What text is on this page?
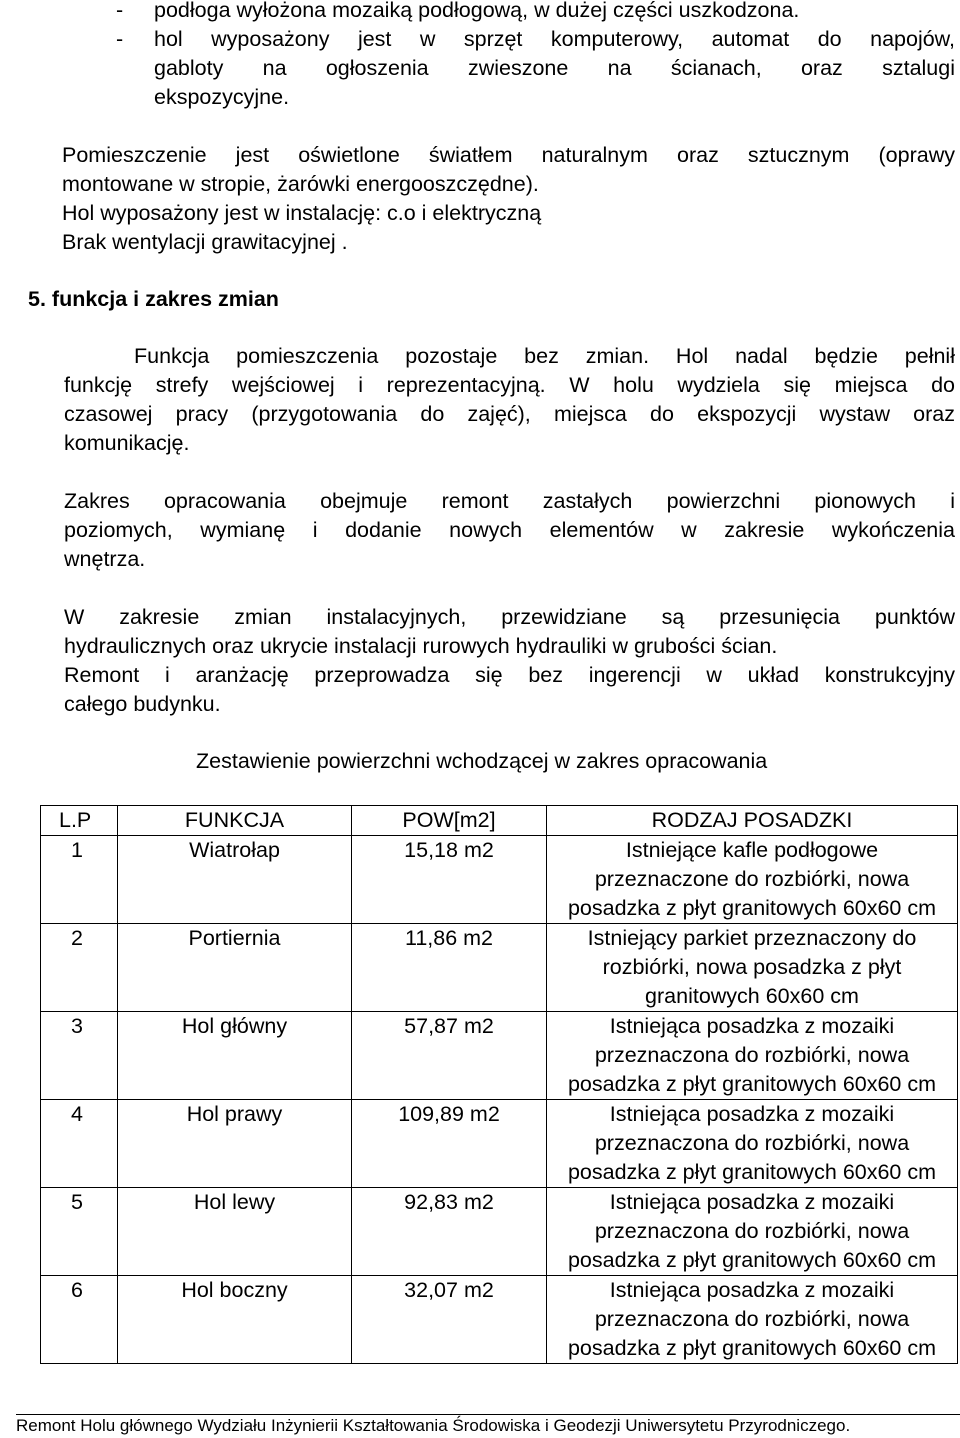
- podłoga wyłożona mozaiką podłogową, w dużej części uszkodzona.
- hol wyposażony jest w sprzęt komputerowy, automat do napojów,
gabloty na ogłoszenia zwieszone na ścianach, oraz sztalugi
ekspozycyjne.
Pomieszczenie jest oświetlone światłem naturalnym oraz sztucznym (oprawy
montowane w stropie, żarówki energooszczędne).
Hol wyposażony jest w instalację: c.o i elektryczną
Brak wentylacji grawitacyjnej .
5. funkcja i zakres zmian
Funkcja pomieszczenia pozostaje bez zmian. Hol nadal będzie pełnił
funkcję strefy wejściowej i reprezentacyjną. W holu wydziela się miejsca do
czasowej pracy (przygotowania do zajęć), miejsca do ekspozycji wystaw oraz
komunikację.
Zakres opracowania obejmuje remont zastałych powierzchni pionowych i
poziomych, wymianę i dodanie nowych elementów w zakresie wykończenia
wnętrza.
W zakresie zmian instalacyjnych, przewidziane są przesunięcia punktów
hydraulicznych oraz ukrycie instalacji rurowych hydrauliki w grubości ścian.
Remont i aranżację przeprowadza się bez ingerencji w układ konstrukcyjny
całego budynku.
Zestawienie powierzchni wchodzącej w zakres opracowania
L.P	FUNKCJA	POW[m2]	RODZAJ POSADZKI
1	Wiatrołap	15,18 m2	Istniejące kafle podłogowe
przeznaczone do rozbiórki, nowa
posadzka z płyt granitowych 60x60 cm

2	Portiernia	11,86 m2	Istniejący parkiet przeznaczony do
rozbiórki, nowa posadzka z płyt
granitowych 60x60 cm

3	Hol główny	57,87 m2	Istniejąca posadzka z mozaiki
przeznaczona do rozbiórki, nowa
posadzka z płyt granitowych 60x60 cm

4	Hol prawy	109,89 m2	Istniejąca posadzka z mozaiki
przeznaczona do rozbiórki, nowa
posadzka z płyt granitowych 60x60 cm

5	Hol lewy	92,83 m2	Istniejąca posadzka z mozaiki
przeznaczona do rozbiórki, nowa
posadzka z płyt granitowych 60x60 cm

6	Hol boczny	32,07 m2	Istniejąca posadzka z mozaiki
przeznaczona do rozbiórki, nowa
posadzka z płyt granitowych 60x60 cm
Remont Holu głównego Wydziału Inżynierii Kształtowania Środowiska i Geodezji Uniwersytetu Przyrodniczego.
